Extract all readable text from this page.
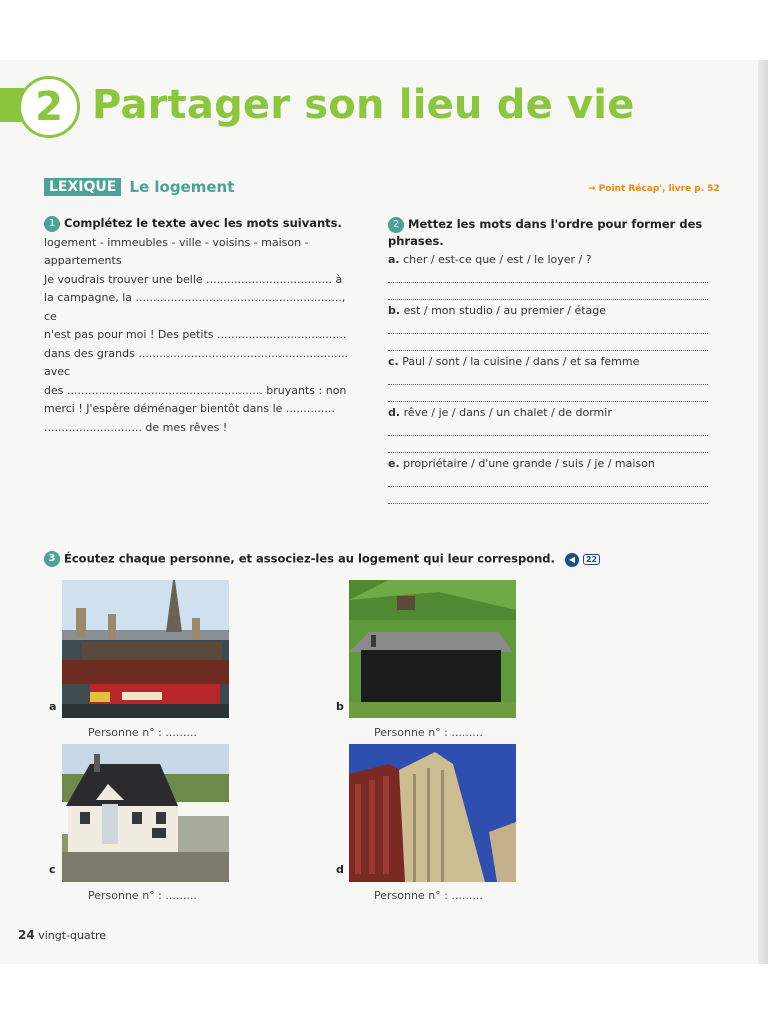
2 Partager son lieu de vie
LEXIQUE Le logement	→ Point Récap', livre p. 52
1 Complétez le texte avec les mots suivants.
logement - immeubles - ville - voisins - maison - appartements
Je voudrais trouver une belle .................................... à
la campagne, la ..........................................................., ce
n'est pas pour moi ! Des petits .....................................
dans des grands ............................................................ avec
des ........................................................ bruyants : non
merci ! J'espère déménager bientôt dans le ..............
............................ de mes rêves !
2 Mettez les mots dans l'ordre pour former des phrases.
a. cher / est-ce que / est / le loyer / ?
b. est / mon studio / au premier / étage
c. Paul / sont / la cuisine / dans / et sa femme
d. rêve / je / dans / un chalet / de dormir
e. propriétaire / d'une grande / suis / je / maison
3 Écoutez chaque personne, et associez-les au logement qui leur correspond. ◀ 22
a
Personne n° : .........
b
Personne n° : .........
c
Personne n° : .........
d
Personne n° : .........
24 vingt-quatre
